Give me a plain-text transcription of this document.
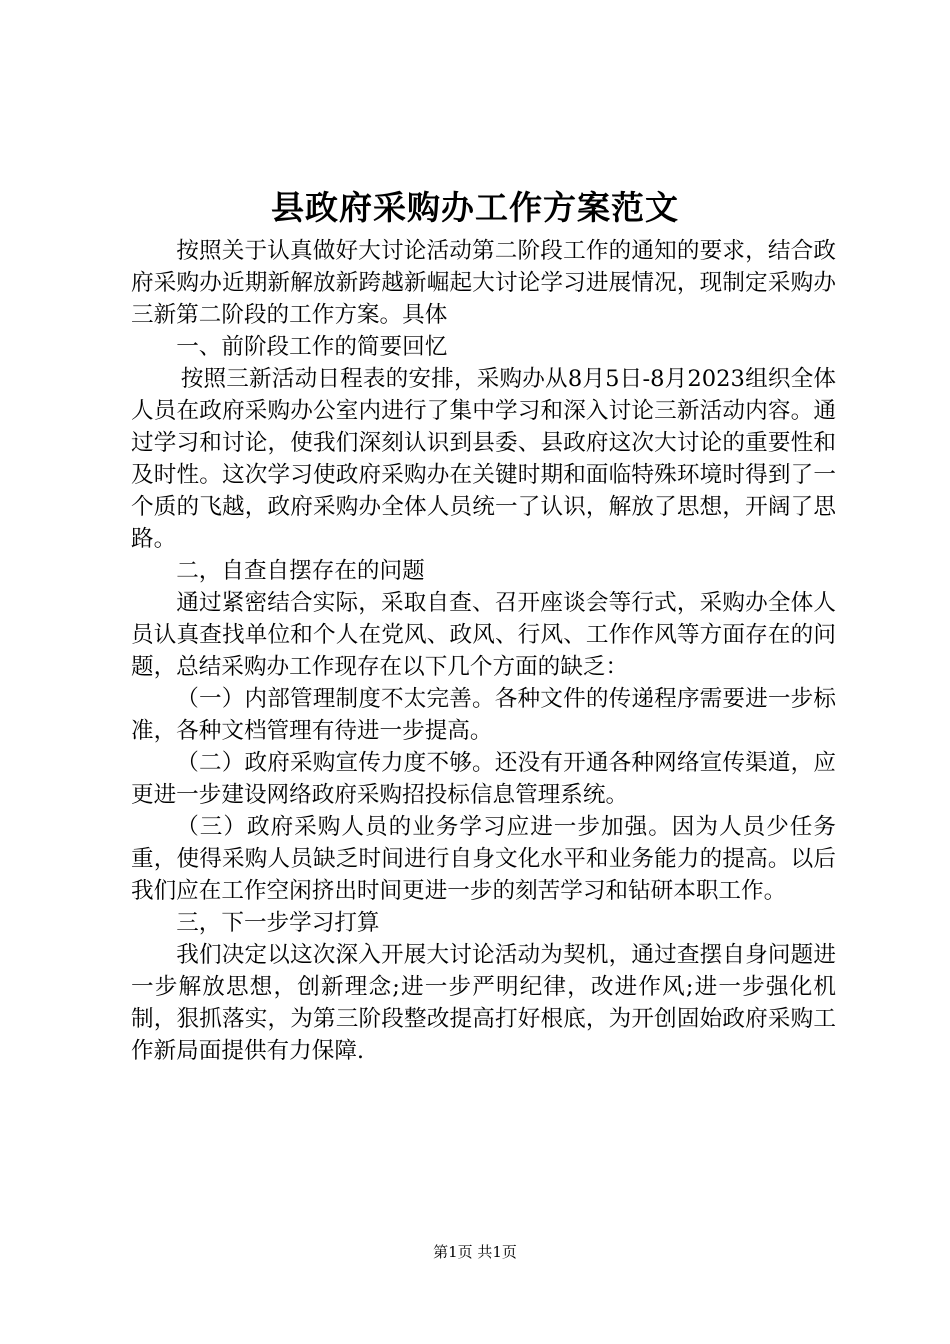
县政府采购办工作方案范文

按照关于认真做好大讨论活动第二阶段工作的通知的要求，结合政府采购办近期新解放新跨越新崛起大讨论学习进展情况，现制定采购办三新第二阶段的工作方案。具体

一、前阶段工作的简要回忆

按照三新活动日程表的安排，采购办从8月5日-8月2023组织全体人员在政府采购办公室内进行了集中学习和深入讨论三新活动内容。通过学习和讨论，使我们深刻认识到县委、县政府这次大讨论的重要性和及时性。这次学习使政府采购办在关键时期和面临特殊环境时得到了一个质的飞越，政府采购办全体人员统一了认识，解放了思想，开阔了思路。

二，自查自摆存在的问题

通过紧密结合实际，采取自查、召开座谈会等行式，采购办全体人员认真查找单位和个人在党风、政风、行风、工作作风等方面存在的问题，总结采购办工作现存在以下几个方面的缺乏：

（一）内部管理制度不太完善。各种文件的传递程序需要进一步标准，各种文档管理有待进一步提高。

（二）政府采购宣传力度不够。还没有开通各种网络宣传渠道，应更进一步建设网络政府采购招投标信息管理系统。

（三）政府采购人员的业务学习应进一步加强。因为人员少任务重，使得采购人员缺乏时间进行自身文化水平和业务能力的提高。以后我们应在工作空闲挤出时间更进一步的刻苦学习和钻研本职工作。

三，下一步学习打算

我们决定以这次深入开展大讨论活动为契机，通过查摆自身问题进一步解放思想，创新理念;进一步严明纪律，改进作风;进一步强化机制，狠抓落实，为第三阶段整改提高打好根底，为开创固始政府采购工作新局面提供有力保障.

第1页 共1页
